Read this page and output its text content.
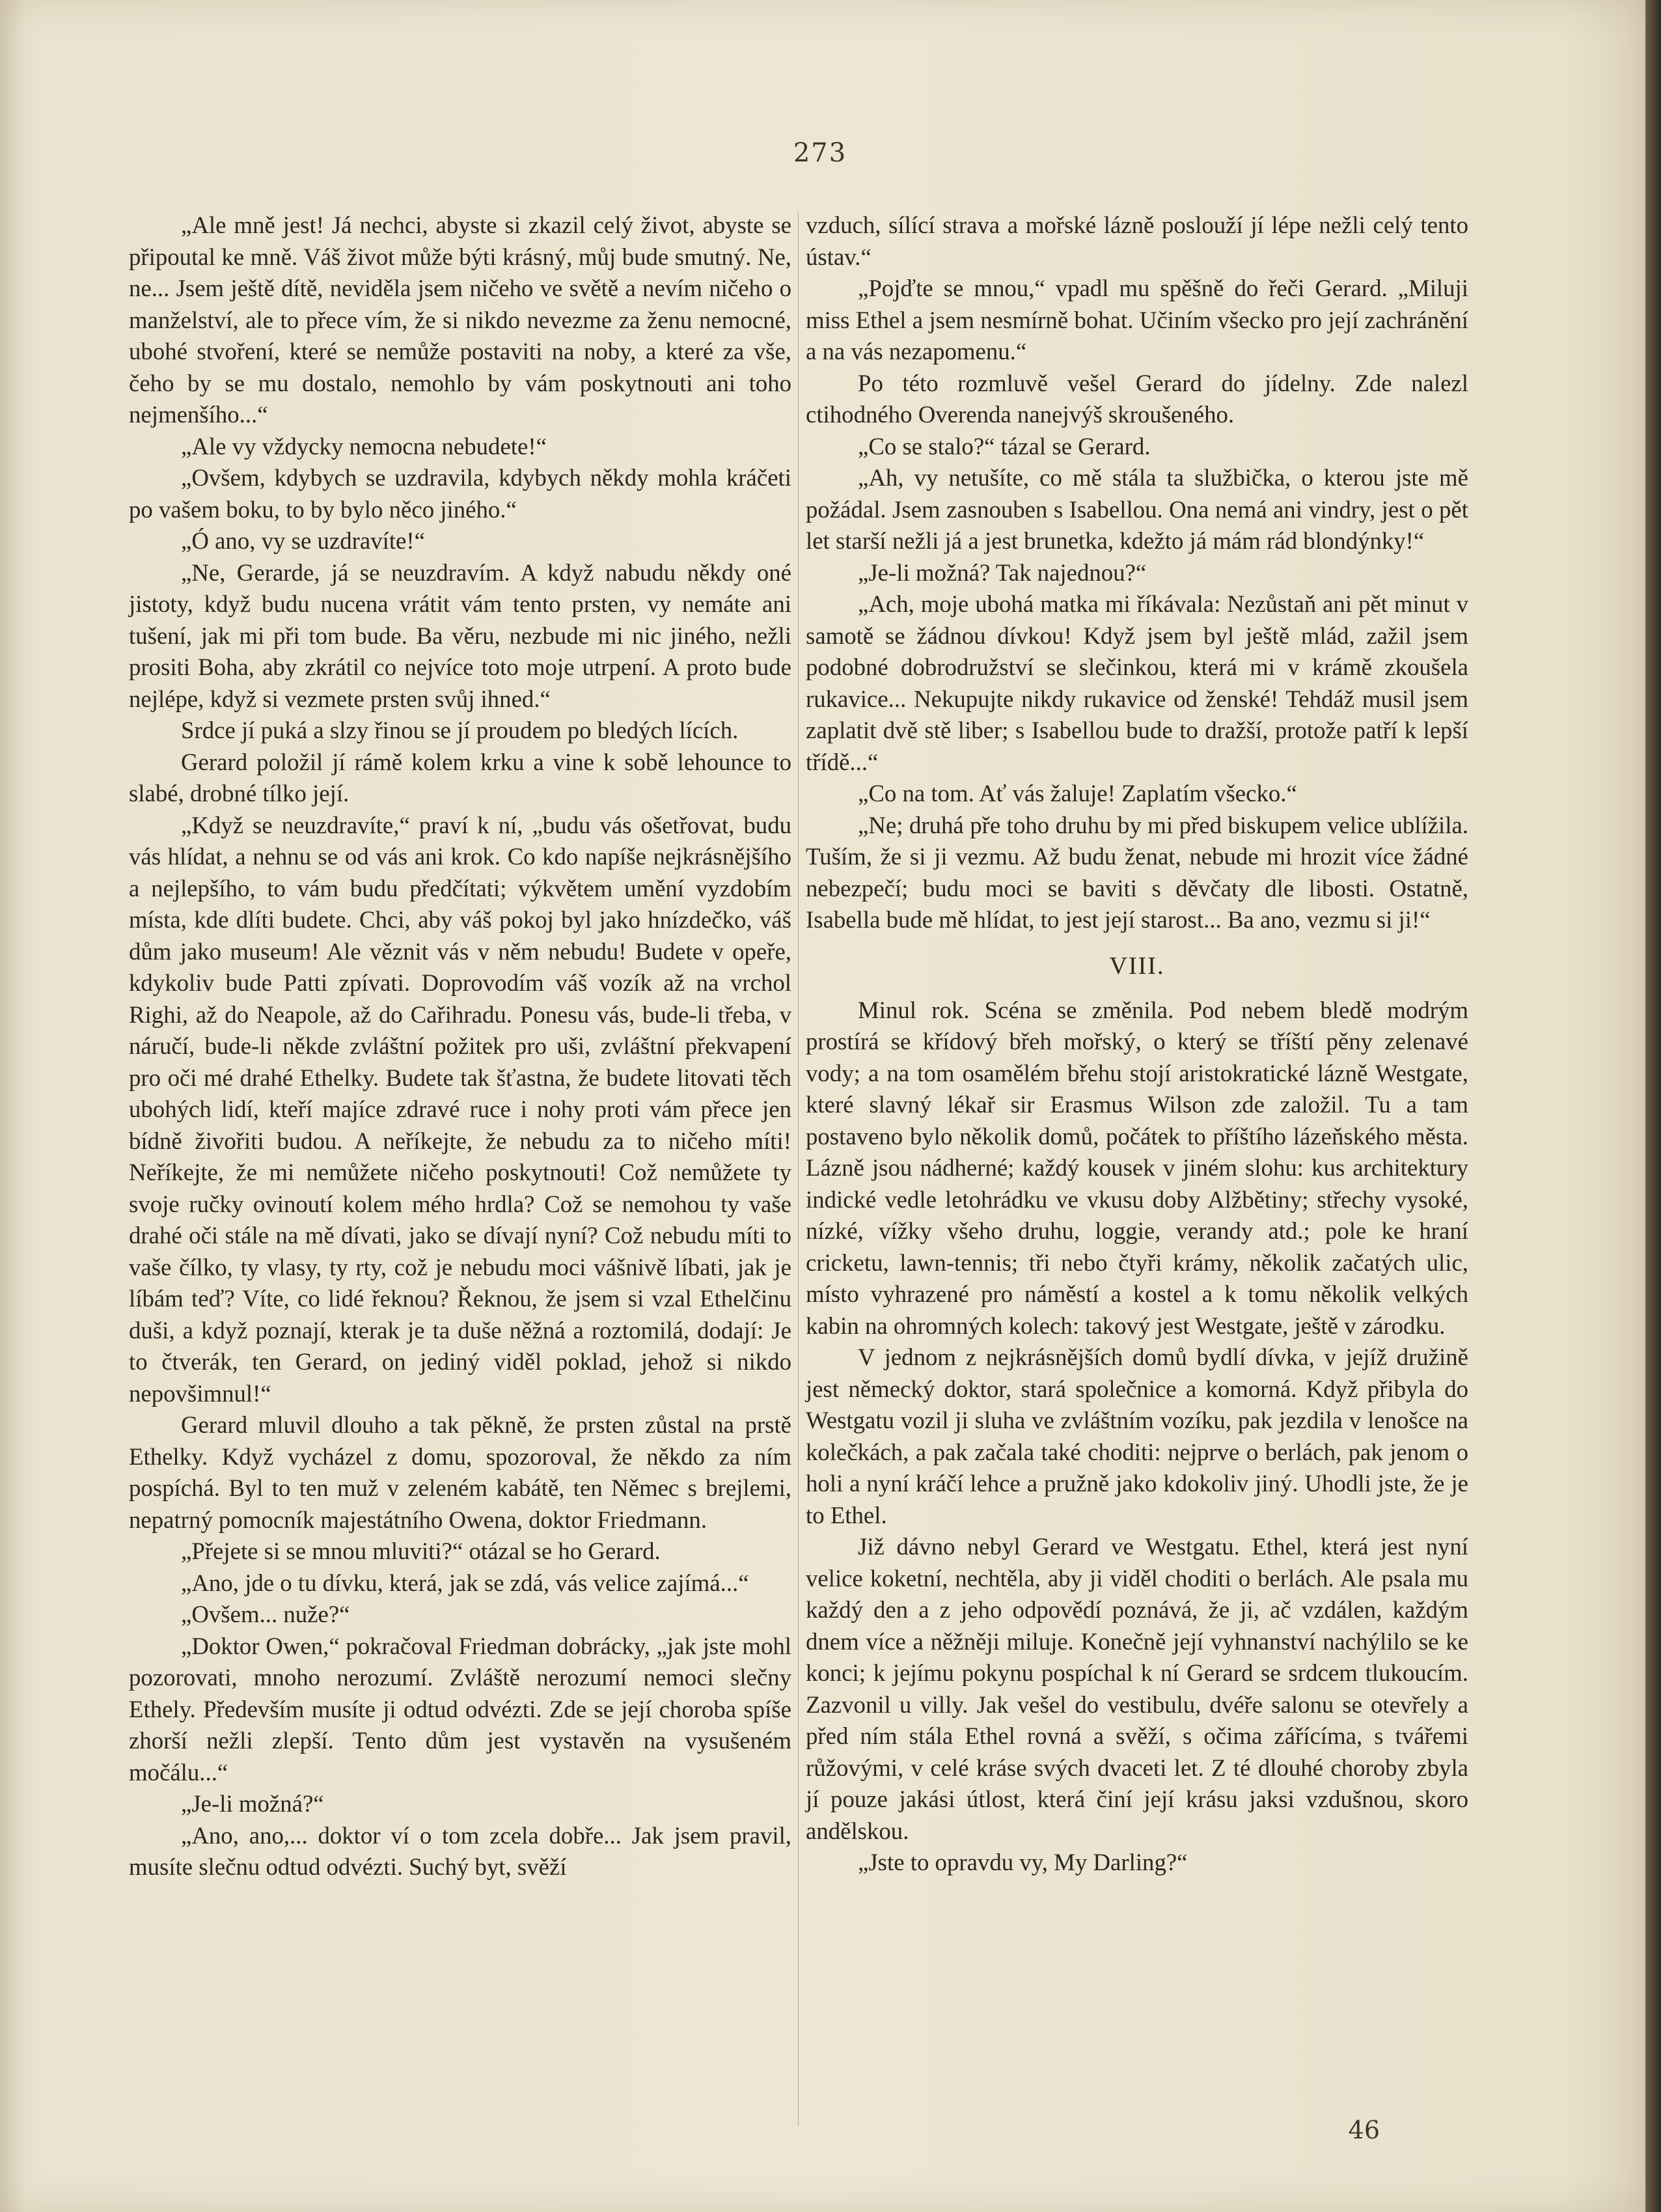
273

„Ale mně jest! Já nechci, abyste si zkazil celý život, abyste se připoutal ke mně. Váš život může býti krásný, můj bude smutný. Ne, ne... Jsem ještě dítě, neviděla jsem ničeho ve světě a nevím ničeho o manželství, ale to přece vím, že si nikdo nevezme za ženu nemocné, ubohé stvoření, které se nemůže postaviti na noby, a které za vše, čeho by se mu dostalo, nemohlo by vám poskytnouti ani toho nejmenšího...“

„Ale vy vždycky nemocna nebudete!“

„Ovšem, kdybych se uzdravila, kdybych někdy mohla kráčeti po vašem boku, to by bylo něco jiného.“

„Ó ano, vy se uzdravíte!“

„Ne, Gerarde, já se neuzdravím. A když nabudu někdy oné jistoty, když budu nucena vrátit vám tento prsten, vy nemáte ani tušení, jak mi při tom bude. Ba věru, nezbude mi nic jiného, nežli prositi Boha, aby zkrátil co nejvíce toto moje utrpení. A proto bude nejlépe, když si vezmete prsten svůj ihned.“

Srdce jí puká a slzy řinou se jí proudem po bledých lících.

Gerard položil jí rámě kolem krku a vine k sobě lehounce to slabé, drobné tílko její.

„Když se neuzdravíte,“ praví k ní, „budu vás ošetřovat, budu vás hlídat, a nehnu se od vás ani krok. Co kdo napíše nejkrásnějšího a nejlepšího, to vám budu předčítati; výkvětem umění vyzdobím místa, kde dlíti budete. Chci, aby váš pokoj byl jako hnízdečko, váš dům jako museum! Ale věznit vás v něm nebudu! Budete v opeře, kdykoliv bude Patti zpívati. Doprovodím váš vozík až na vrchol Righi, až do Neapole, až do Cařihradu. Ponesu vás, bude-li třeba, v náručí, bude-li někde zvláštní požitek pro uši, zvláštní překvapení pro oči mé drahé Ethelky. Budete tak šťastna, že budete litovati těch ubohých lidí, kteří majíce zdravé ruce i nohy proti vám přece jen bídně živořiti budou. A neříkejte, že nebudu za to ničeho míti! Neříkejte, že mi nemůžete ničeho poskytnouti! Což nemůžete ty svoje ručky ovinoutí kolem mého hrdla? Což se nemohou ty vaše drahé oči stále na mě dívati, jako se dívají nyní? Což nebudu míti to vaše čílko, ty vlasy, ty rty, což je nebudu moci vášnivě líbati, jak je líbám teď? Víte, co lidé řeknou? Řeknou, že jsem si vzal Ethelčinu duši, a když poznají, kterak je ta duše něžná a roztomilá, dodají: Je to čtverák, ten Gerard, on jediný viděl poklad, jehož si nikdo nepovšimnul!“

Gerard mluvil dlouho a tak pěkně, že prsten zůstal na prstě Ethelky. Když vycházel z domu, spozoroval, že někdo za ním pospíchá. Byl to ten muž v zeleném kabátě, ten Němec s brejlemi, nepatrný pomocník majestátního Owena, doktor Friedmann.

„Přejete si se mnou mluviti?“ otázal se ho Gerard.

„Ano, jde o tu dívku, která, jak se zdá, vás velice zajímá...“

„Ovšem... nuže?“

„Doktor Owen,“ pokračoval Friedman dobrácky, „jak jste mohl pozorovati, mnoho nerozumí. Zvláště nerozumí nemoci slečny Ethely. Především musíte ji odtud odvézti. Zde se její choroba spíše zhorší nežli zlepší. Tento dům jest vystavěn na vysušeném močálu...“

„Je-li možná?“

„Ano, ano,... doktor ví o tom zcela dobře... Jak jsem pravil, musíte slečnu odtud odvézti. Suchý byt, svěží

vzduch, sílící strava a mořské lázně poslouží jí lépe nežli celý tento ústav.“

„Pojďte se mnou,“ vpadl mu spěšně do řeči Gerard. „Miluji miss Ethel a jsem nesmírně bohat. Učiním všecko pro její zachránění a na vás nezapomenu.“

Po této rozmluvě vešel Gerard do jídelny. Zde nalezl ctihodného Overenda nanejvýš skroušeného.

„Co se stalo?“ tázal se Gerard.

„Ah, vy netušíte, co mě stála ta službička, o kterou jste mě požádal. Jsem zasnouben s Isabellou. Ona nemá ani vindry, jest o pět let starší nežli já a jest brunetka, kdežto já mám rád blondýnky!“

„Je-li možná? Tak najednou?“

„Ach, moje ubohá matka mi říkávala: Nezůstaň ani pět minut v samotě se žádnou dívkou! Když jsem byl ještě mlád, zažil jsem podobné dobrodružství se slečinkou, která mi v krámě zkoušela rukavice... Nekupujte nikdy rukavice od ženské! Tehdáž musil jsem zaplatit dvě stě liber; s Isabellou bude to dražší, protože patří k lepší třídě...“

„Co na tom. Ať vás žaluje! Zaplatím všecko.“

„Ne; druhá pře toho druhu by mi před biskupem velice ublížila. Tuším, že si ji vezmu. Až budu ženat, nebude mi hrozit více žádné nebezpečí; budu moci se baviti s děvčaty dle libosti. Ostatně, Isabella bude mě hlídat, to jest její starost... Ba ano, vezmu si ji!“

VIII.

Minul rok. Scéna se změnila. Pod nebem bledě modrým prostírá se křídový břeh mořský, o který se tříští pěny zelenavé vody; a na tom osamělém břehu stojí aristokratické lázně Westgate, které slavný lékař sir Erasmus Wilson zde založil. Tu a tam postaveno bylo několik domů, počátek to příštího lázeňského města. Lázně jsou nádherné; každý kousek v jiném slohu: kus architektury indické vedle letohrádku ve vkusu doby Alžbětiny; střechy vysoké, nízké, vížky všeho druhu, loggie, verandy atd.; pole ke hraní cricketu, lawn-tennis; tři nebo čtyři krámy, několik začatých ulic, místo vyhrazené pro náměstí a kostel a k tomu několik velkých kabin na ohromných kolech: takový jest Westgate, ještě v zárodku.

V jednom z nejkrásnějších domů bydlí dívka, v jejíž družině jest německý doktor, stará společnice a komorná. Když přibyla do Westgatu vozil ji sluha ve zvláštním vozíku, pak jezdila v lenošce na kolečkách, a pak začala také choditi: nejprve o berlách, pak jenom o holi a nyní kráčí lehce a pružně jako kdokoliv jiný. Uhodli jste, že je to Ethel.

Již dávno nebyl Gerard ve Westgatu. Ethel, která jest nyní velice koketní, nechtěla, aby ji viděl choditi o berlách. Ale psala mu každý den a z jeho odpovědí poznává, že ji, ač vzdálen, každým dnem více a něžněji miluje. Konečně její vyhnanství nachýlilo se ke konci; k jejímu pokynu pospíchal k ní Gerard se srdcem tlukoucím. Zazvonil u villy. Jak vešel do vestibulu, dvéře salonu se otevřely a před ním stála Ethel rovná a svěží, s očima zářícíma, s tvářemi růžovými, v celé kráse svých dvaceti let. Z té dlouhé choroby zbyla jí pouze jakási útlost, která činí její krásu jaksi vzdušnou, skoro andělskou.

„Jste to opravdu vy, My Darling?“

46
